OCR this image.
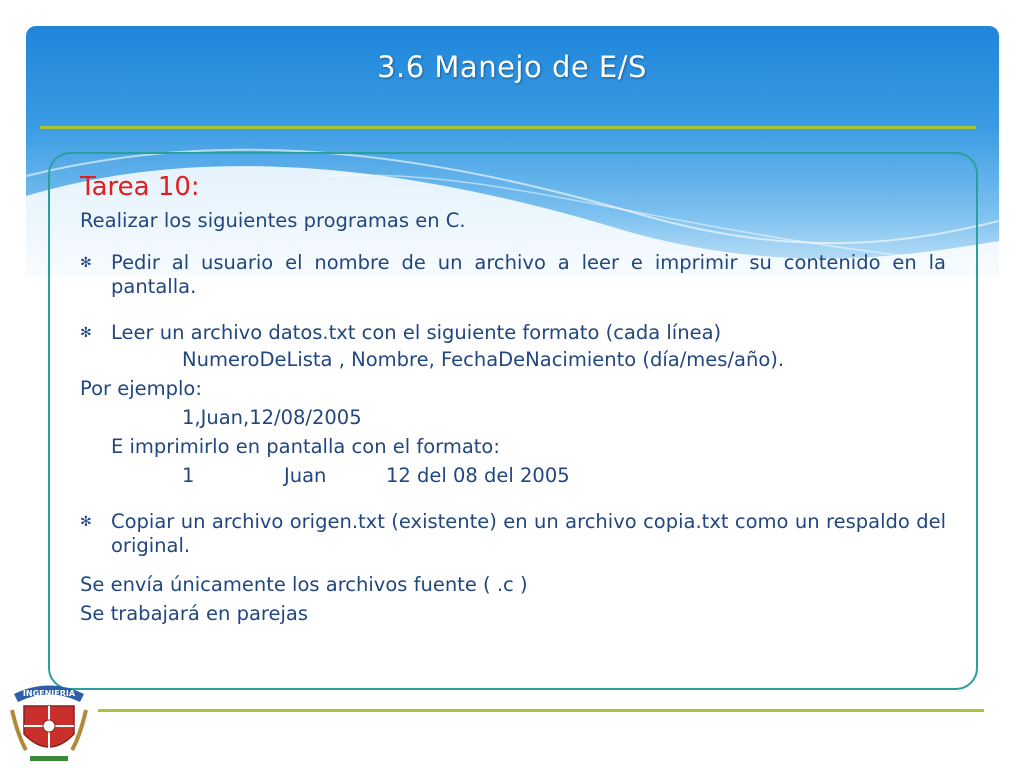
3.6 Manejo de E/S
Tarea 10:
Realizar los siguientes programas en C.
✻ Pedir al usuario el nombre de un archivo a leer e imprimir su contenido en la pantalla.
✻ Leer un archivo datos.txt con el siguiente formato (cada línea)
NumeroDeLista , Nombre, FechaDeNacimiento (día/mes/año).
Por ejemplo:
1,Juan,12/08/2005
E imprimirlo en pantalla con el formato:
1	Juan	12 del 08 del 2005
✻ Copiar un archivo origen.txt (existente) en un archivo copia.txt como un respaldo del original.
Se envía únicamente los archivos fuente ( .c )
Se trabajará en parejas
INGENIERIA
